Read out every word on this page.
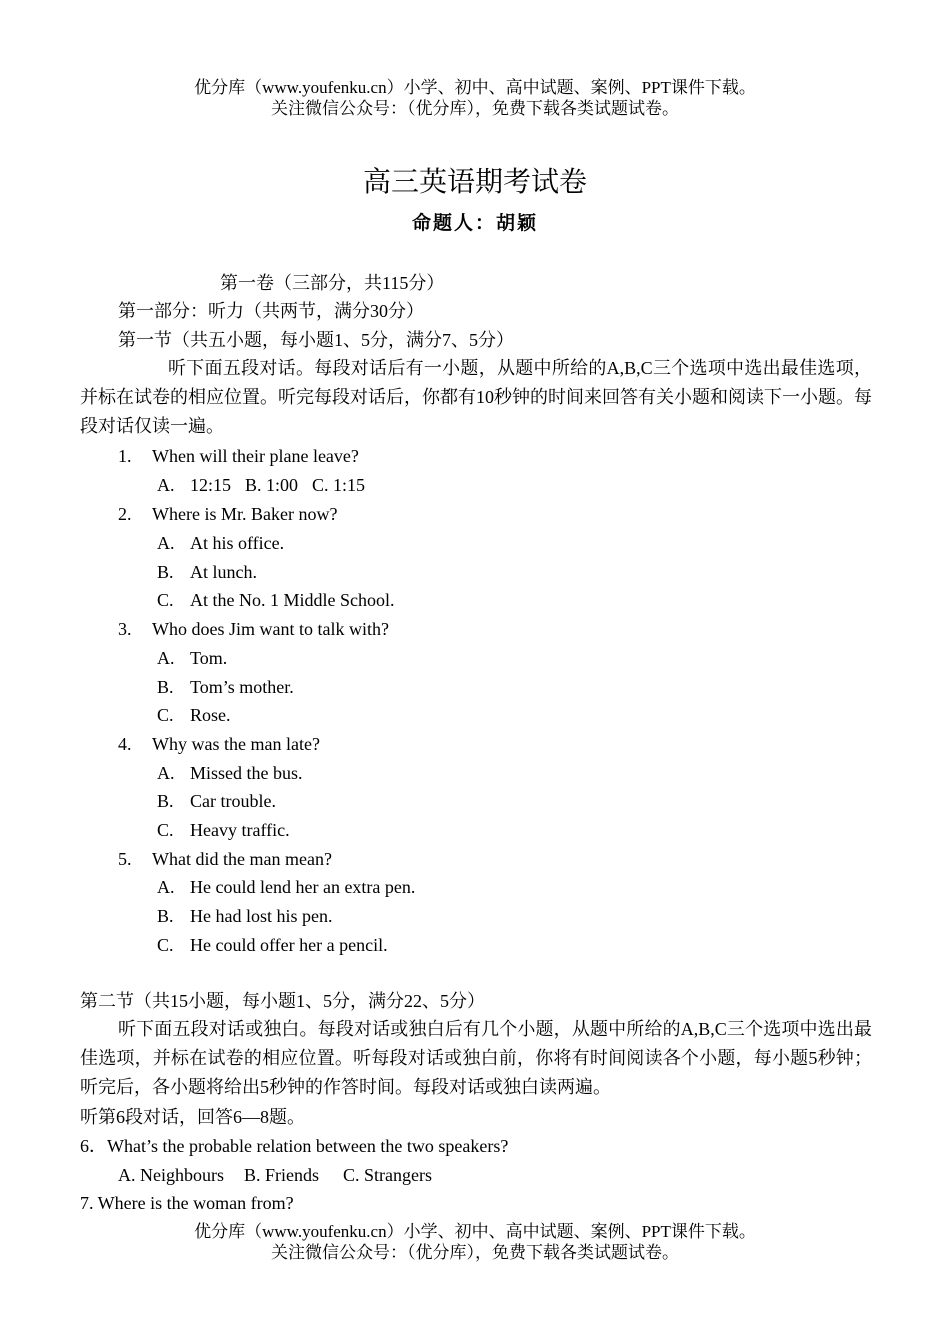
优分库（www.youfenku.cn）小学、初中、高中试题、案例、PPT课件下载。
关注微信公众号：（优分库），免费下载各类试题试卷。
高三英语期考试卷
命题人：胡颖
第一卷（三部分，共115分）
第一部分：听力（共两节，满分30分）
第一节（共五小题，每小题1、5分，满分7、5分）
听下面五段对话。每段对话后有一小题，从题中所给的A,B,C三个选项中选出最佳选项，并标在试卷的相应位置。听完每段对话后，你都有10秒钟的时间来回答有关小题和阅读下一小题。每段对话仅读一遍。
1. When will their plane leave?
A. 12:15 B. 1:00 C. 1:15
2. Where is Mr. Baker now?
A. At his office.
B. At lunch.
C. At the No. 1 Middle School.
3. Who does Jim want to talk with?
A. Tom.
B. Tom’s mother.
C. Rose.
4. Why was the man late?
A. Missed the bus.
B. Car trouble.
C. Heavy traffic.
5. What did the man mean?
A. He could lend her an extra pen.
B. He had lost his pen.
C. He could offer her a pencil.
第二节（共15小题，每小题1、5分，满分22、5分）
听下面五段对话或独白。每段对话或独白后有几个小题，从题中所给的A,B,C三个选项中选出最佳选项，并标在试卷的相应位置。听每段对话或独白前，你将有时间阅读各个小题，每小题5秒钟；听完后，各小题将给出5秒钟的作答时间。每段对话或独白读两遍。
听第6段对话，回答6—8题。
6．What’s the probable relation between the two speakers?
A. Neighbours B. Friends C. Strangers
7. Where is the woman from?
优分库（www.youfenku.cn）小学、初中、高中试题、案例、PPT课件下载。
关注微信公众号：（优分库），免费下载各类试题试卷。
